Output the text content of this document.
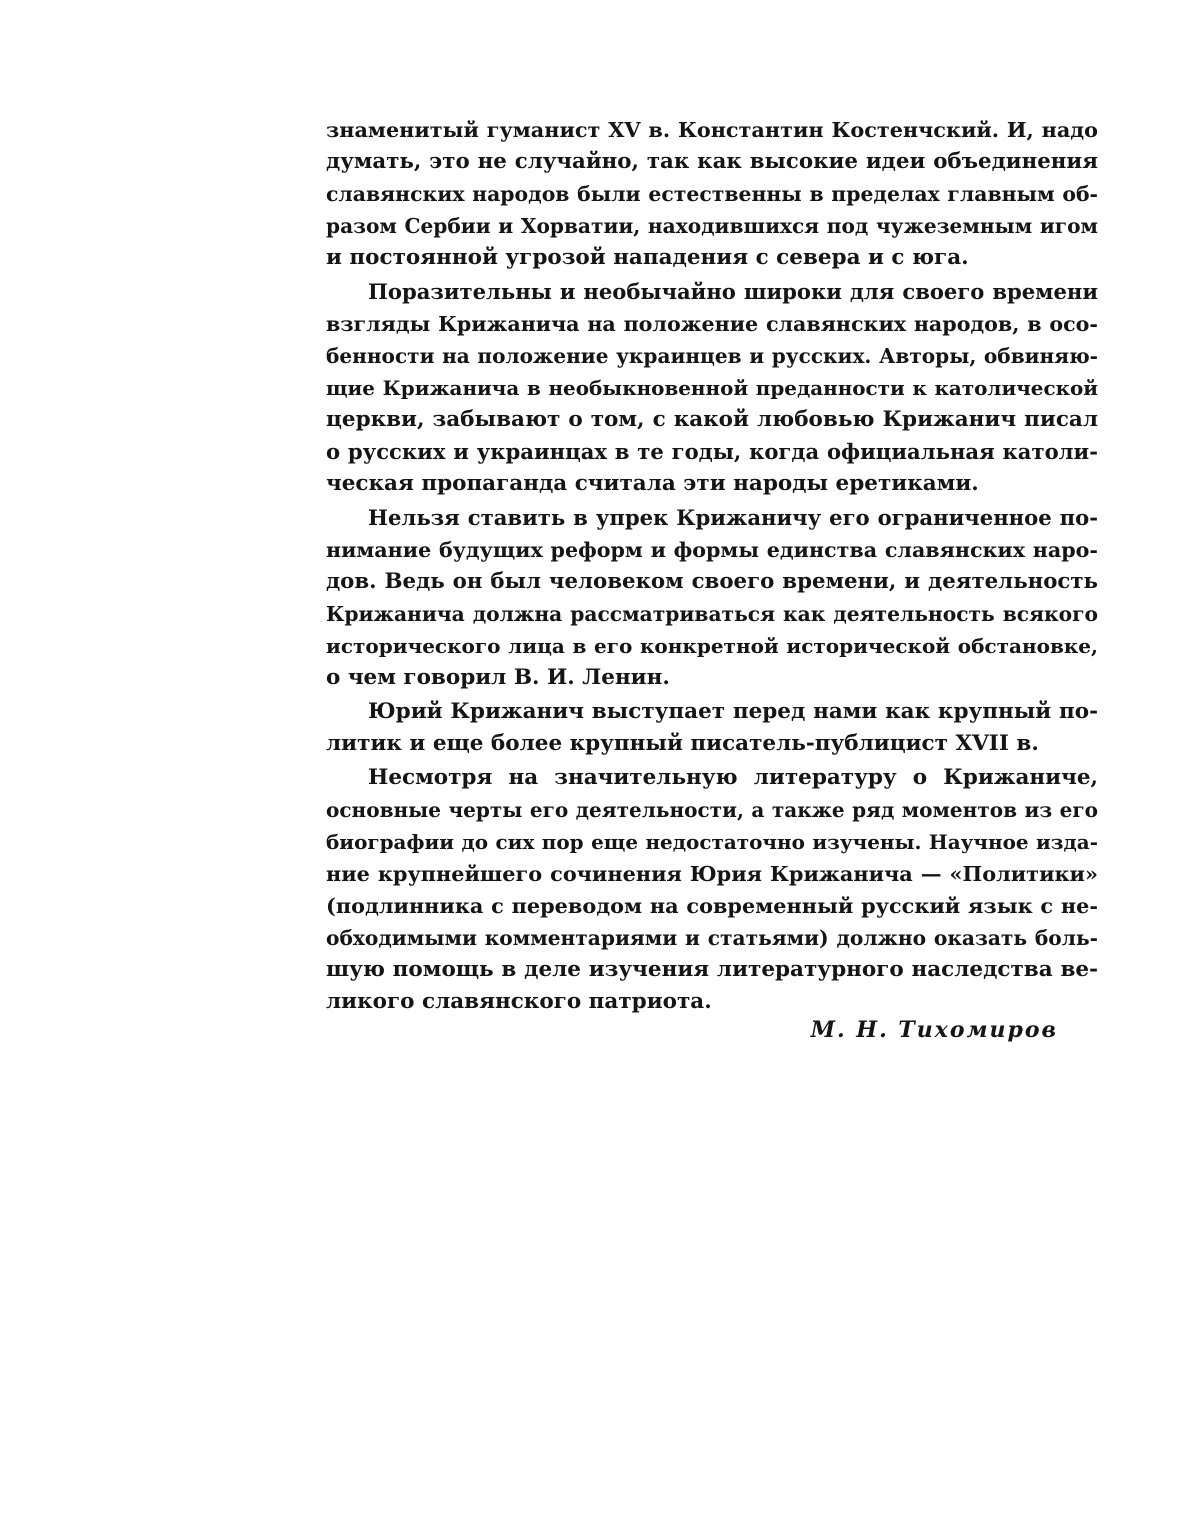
знаменитый гуманист XV в. Константин Костенчский. И, надо
думать, это не случайно, так как высокие идеи объединения
славянских народов были естественны в пределах главным об-
разом Сербии и Хорватии, находившихся под чужеземным игом
и постоянной угрозой нападения с севера и с юга.
Поразительны и необычайно широки для своего времени
взгляды Крижанича на положение славянских народов, в осо-
бенности на положение украинцев и русских. Авторы, обвиняю-
щие Крижанича в необыкновенной преданности к католической
церкви, забывают о том, с какой любовью Крижанич писал
о русских и украинцах в те годы, когда официальная католи-
ческая пропаганда считала эти народы еретиками.
Нельзя ставить в упрек Крижаничу его ограниченное по-
нимание будущих реформ и формы единства славянских наро-
дов. Ведь он был человеком своего времени, и деятельность
Крижанича должна рассматриваться как деятельность всякого
исторического лица в его конкретной исторической обстановке,
о чем говорил В. И. Ленин.
Юрий Крижанич выступает перед нами как крупный по-
литик и еще более крупный писатель-публицист XVII в.
Несмотря на значительную литературу о Крижаниче,
основные черты его деятельности, а также ряд моментов из его
биографии до сих пор еще недостаточно изучены. Научное изда-
ние крупнейшего сочинения Юрия Крижанича — «Политики»
(подлинника с переводом на современный русский язык с не-
обходимыми комментариями и статьями) должно оказать боль-
шую помощь в деле изучения литературного наследства ве-
ликого славянского патриота.
М. Н. Тихомиров
